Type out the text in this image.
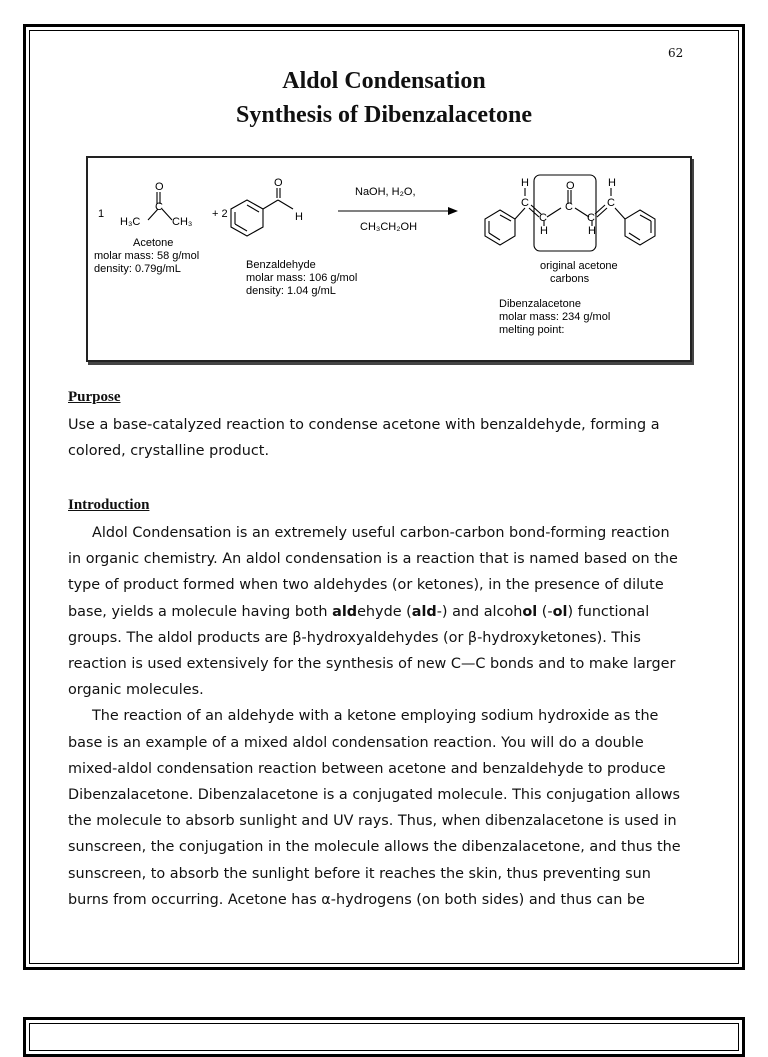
62
Aldol Condensation
Synthesis of Dibenzalacetone
1
O
C
H₃C	CH₃
Acetone
molar mass: 58 g/mol
density: 0.79g/mL
+ 2
O
H
Benzaldehyde
molar mass: 106 g/mol
density: 1.04 g/mL
NaOH, H₂O,
CH₃CH₂OH
H
C
C
H
O
C
C
H
C
H
original acetone
carbons
Dibenzalacetone
molar mass: 234 g/mol
melting point:
Purpose
Use a base-catalyzed reaction to condense acetone with benzaldehyde, forming a
colored, crystalline product.
Introduction
Aldol Condensation is an extremely useful carbon-carbon bond-forming reaction
in organic chemistry. An aldol condensation is a reaction that is named based on the
type of product formed when two aldehydes (or ketones), in the presence of dilute
base, yields a molecule having both aldehyde (ald-) and alcohol (-ol) functional
groups. The aldol products are β-hydroxyaldehydes (or β-hydroxyketones). This
reaction is used extensively for the synthesis of new C—C bonds and to make larger
organic molecules.
The reaction of an aldehyde with a ketone employing sodium hydroxide as the
base is an example of a mixed aldol condensation reaction. You will do a double
mixed-aldol condensation reaction between acetone and benzaldehyde to produce
Dibenzalacetone. Dibenzalacetone is a conjugated molecule. This conjugation allows
the molecule to absorb sunlight and UV rays. Thus, when dibenzalacetone is used in
sunscreen, the conjugation in the molecule allows the dibenzalacetone, and thus the
sunscreen, to absorb the sunlight before it reaches the skin, thus preventing sun
burns from occurring. Acetone has α-hydrogens (on both sides) and thus can be
